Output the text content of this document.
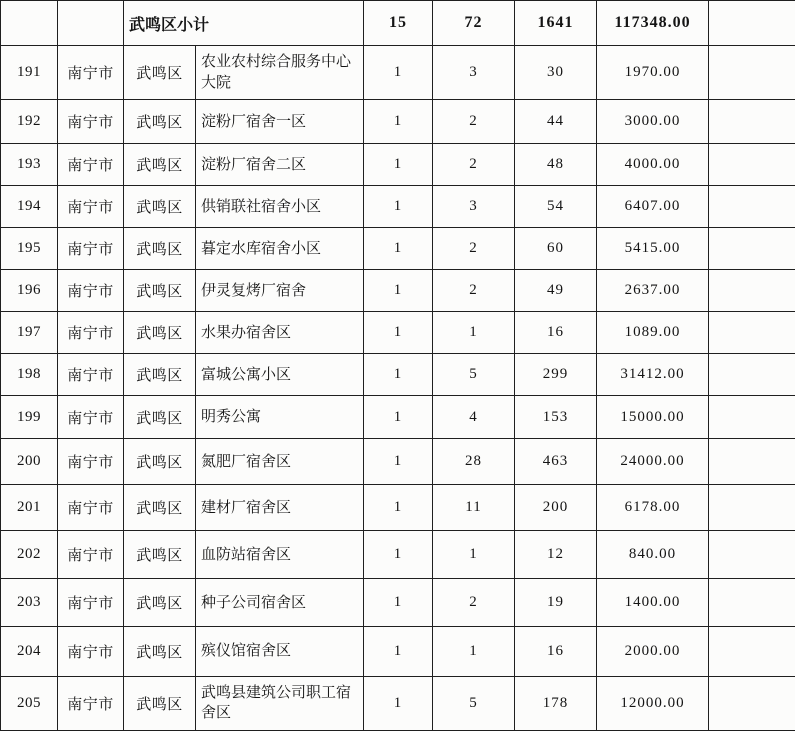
		武鸣区小计		15	72	1641	117348.00	
191	南宁市	武鸣区	农业农村综合服务中心大院	1	3	30	1970.00	
192	南宁市	武鸣区	淀粉厂宿舍一区	1	2	44	3000.00	
193	南宁市	武鸣区	淀粉厂宿舍二区	1	2	48	4000.00	
194	南宁市	武鸣区	供销联社宿舍小区	1	3	54	6407.00	
195	南宁市	武鸣区	暮定水库宿舍小区	1	2	60	5415.00	
196	南宁市	武鸣区	伊灵复烤厂宿舍	1	2	49	2637.00	
197	南宁市	武鸣区	水果办宿舍区	1	1	16	1089.00	
198	南宁市	武鸣区	富城公寓小区	1	5	299	31412.00	
199	南宁市	武鸣区	明秀公寓	1	4	153	15000.00	
200	南宁市	武鸣区	氮肥厂宿舍区	1	28	463	24000.00	
201	南宁市	武鸣区	建材厂宿舍区	1	11	200	6178.00	
202	南宁市	武鸣区	血防站宿舍区	1	1	12	840.00	
203	南宁市	武鸣区	种子公司宿舍区	1	2	19	1400.00	
204	南宁市	武鸣区	殡仪馆宿舍区	1	1	16	2000.00	
205	南宁市	武鸣区	武鸣县建筑公司职工宿舍区	1	5	178	12000.00	
